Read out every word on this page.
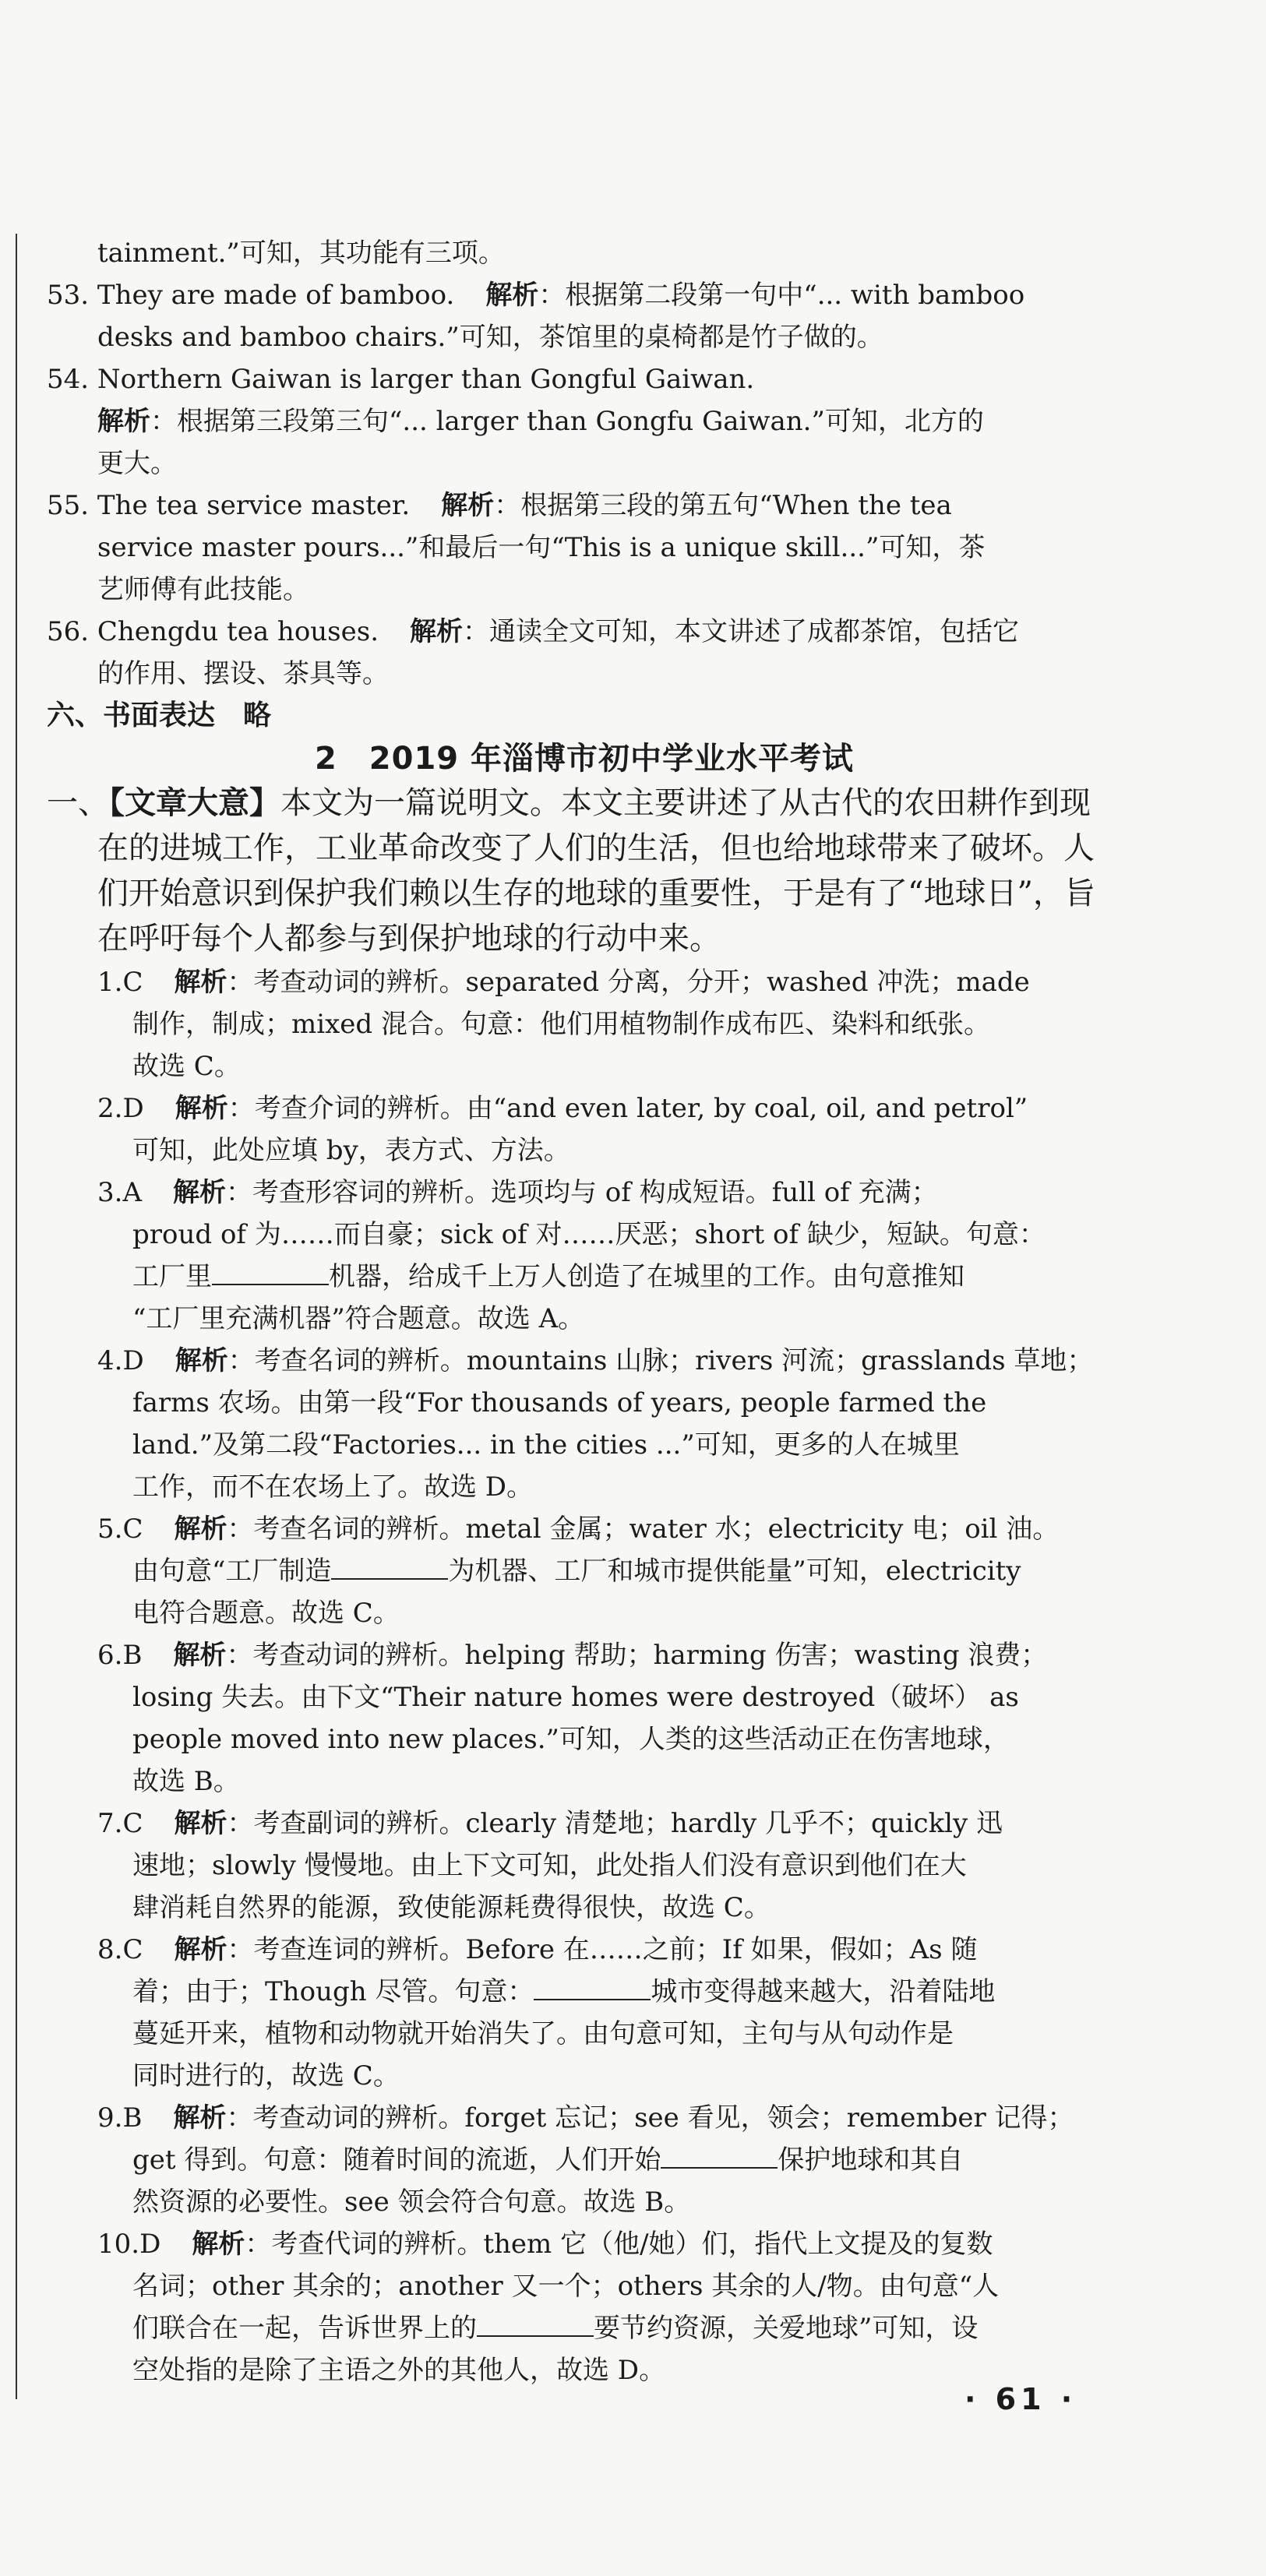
tainment.”可知，其功能有三项。

53. They are made of bamboo. 解析：根据第二段第一句中“... with bamboo

desks and bamboo chairs.”可知，茶馆里的桌椅都是竹子做的。

54. Northern Gaiwan is larger than Gongful Gaiwan.

解析：根据第三段第三句“... larger than Gongfu Gaiwan.”可知，北方的

更大。

55. The tea service master. 解析：根据第三段的第五句“When the tea

service master pours...”和最后一句“This is a unique skill...”可知，茶

艺师傅有此技能。

56. Chengdu tea houses. 解析：通读全文可知，本文讲述了成都茶馆，包括它

的作用、摆设、茶具等。

六、书面表达　略

2　2019 年淄博市初中学业水平考试

一、【文章大意】本文为一篇说明文。本文主要讲述了从古代的农田耕作到现

在的进城工作，工业革命改变了人们的生活，但也给地球带来了破坏。人

们开始意识到保护我们赖以生存的地球的重要性，于是有了“地球日”，旨

在呼吁每个人都参与到保护地球的行动中来。

1.C 解析：考查动词的辨析。separated 分离，分开；washed 冲洗；made

制作，制成；mixed 混合。句意：他们用植物制作成布匹、染料和纸张。

故选 C。

2.D 解析：考查介词的辨析。由“and even later, by coal, oil, and petrol”

可知，此处应填 by，表方式、方法。

3.A 解析：考查形容词的辨析。选项均与 of 构成短语。full of 充满；

proud of 为……而自豪；sick of 对……厌恶；short of 缺少，短缺。句意：

工厂里	机器，给成千上万人创造了在城里的工作。由句意推知

“工厂里充满机器”符合题意。故选 A。

4.D 解析：考查名词的辨析。mountains 山脉；rivers 河流；grasslands 草地；

farms 农场。由第一段“For thousands of years, people farmed the

land.”及第二段“Factories... in the cities ...”可知，更多的人在城里

工作，而不在农场上了。故选 D。

5.C 解析：考查名词的辨析。metal 金属；water 水；electricity 电；oil 油。

由句意“工厂制造	为机器、工厂和城市提供能量”可知，electricity

电符合题意。故选 C。

6.B 解析：考查动词的辨析。helping 帮助；harming 伤害；wasting 浪费；

losing 失去。由下文“Their nature homes were destroyed（破坏） as

people moved into new places.”可知，人类的这些活动正在伤害地球，

故选 B。

7.C 解析：考查副词的辨析。clearly 清楚地；hardly 几乎不；quickly 迅

速地；slowly 慢慢地。由上下文可知，此处指人们没有意识到他们在大

肆消耗自然界的能源，致使能源耗费得很快，故选 C。

8.C 解析：考查连词的辨析。Before 在……之前；If 如果，假如；As 随

着；由于；Though 尽管。句意：	城市变得越来越大，沿着陆地

蔓延开来，植物和动物就开始消失了。由句意可知，主句与从句动作是

同时进行的，故选 C。

9.B 解析：考查动词的辨析。forget 忘记；see 看见，领会；remember 记得；

get 得到。句意：随着时间的流逝，人们开始	保护地球和其自

然资源的必要性。see 领会符合句意。故选 B。

10.D 解析：考查代词的辨析。them 它（他/她）们，指代上文提及的复数

名词；other 其余的；another 又一个；others 其余的人/物。由句意“人

们联合在一起，告诉世界上的	要节约资源，关爱地球”可知，设

空处指的是除了主语之外的其他人，故选 D。

· 61 ·
